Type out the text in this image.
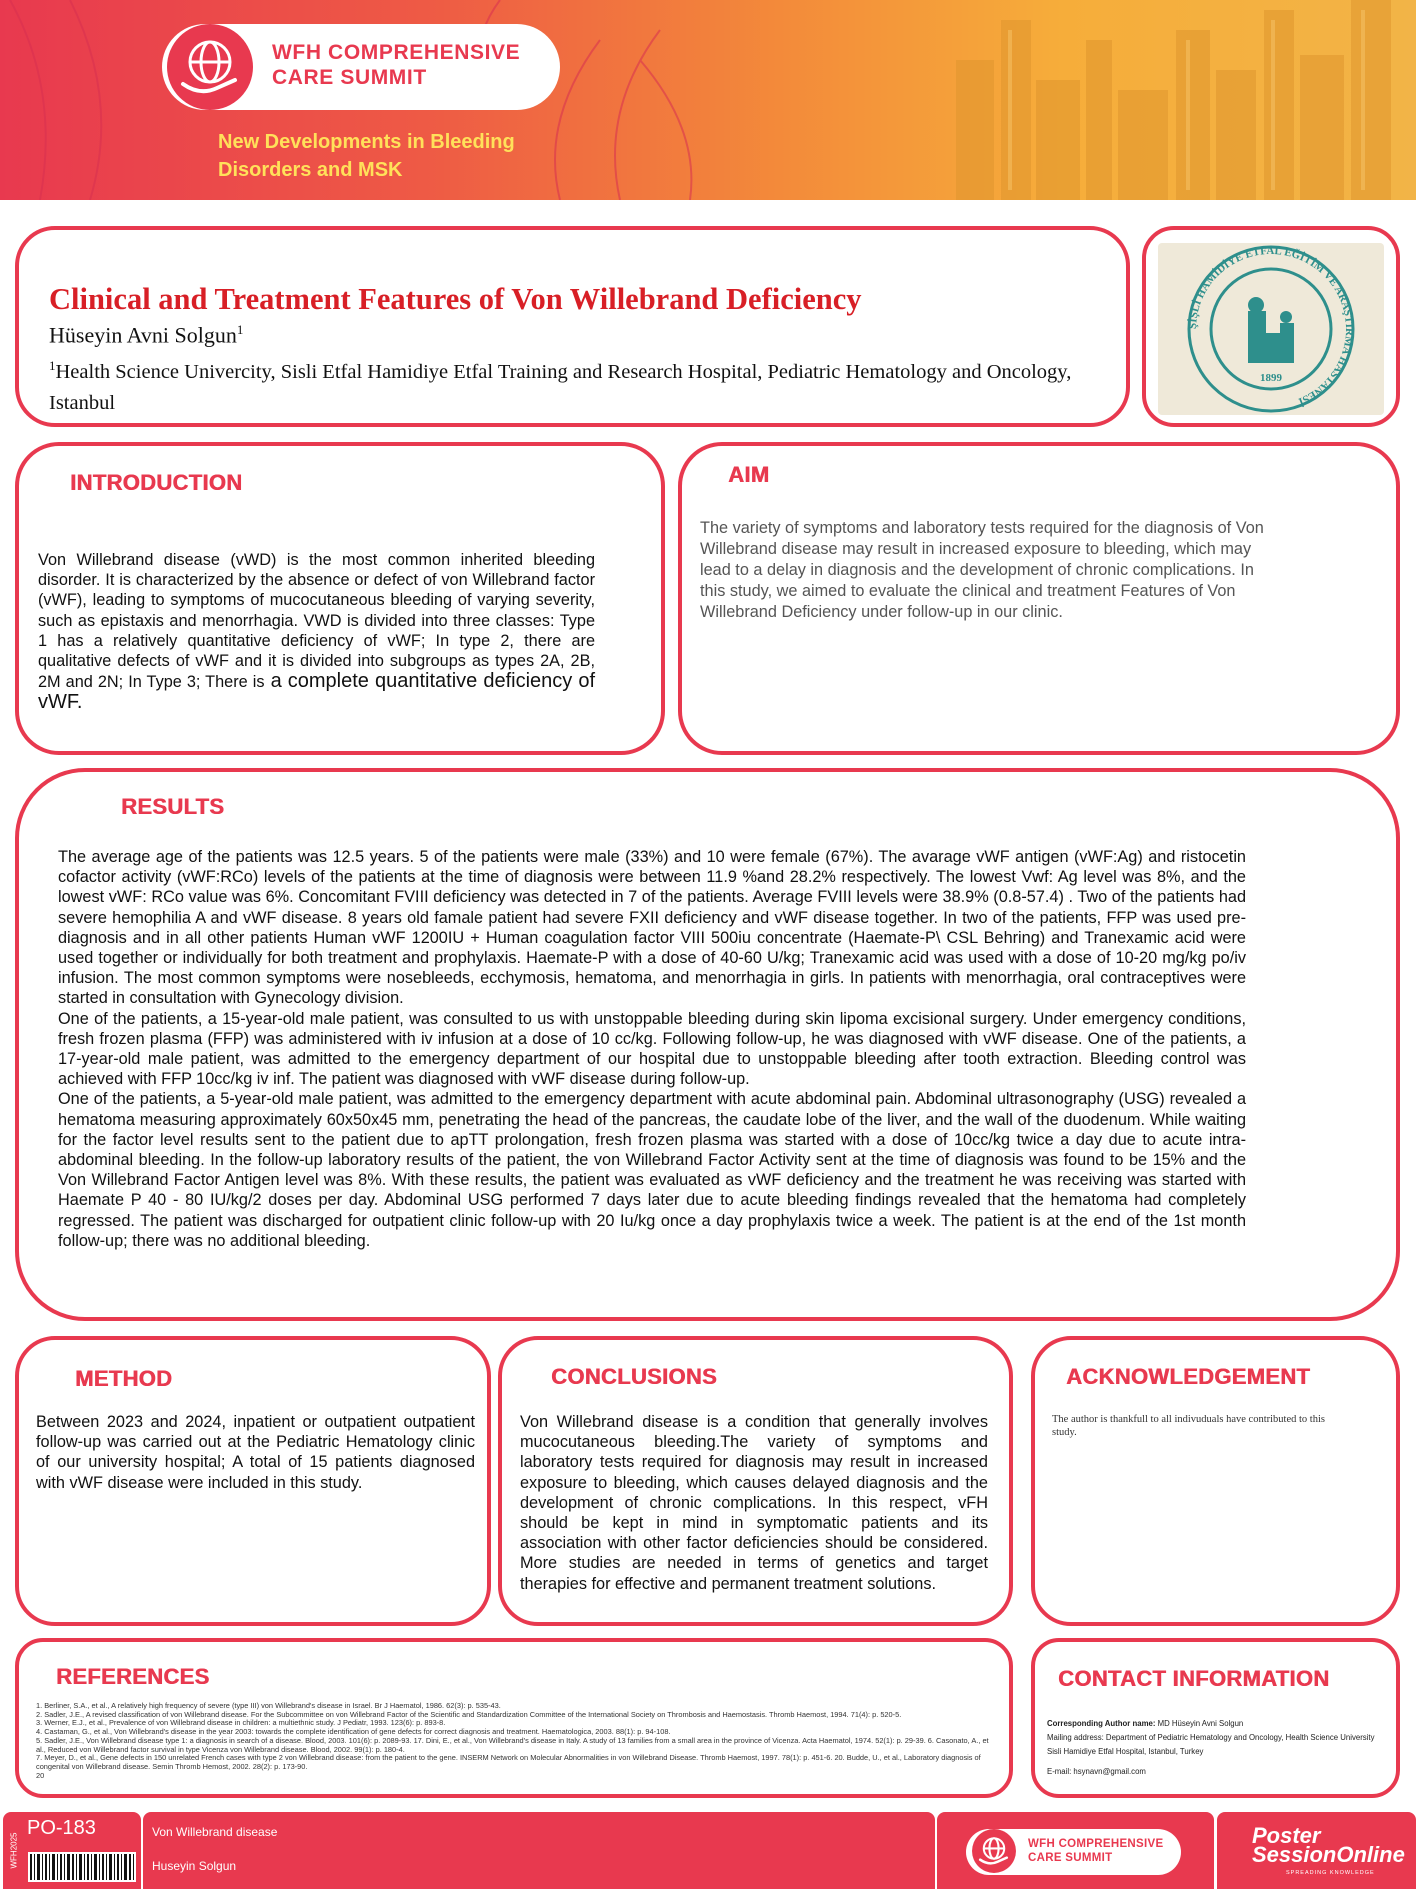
WFH COMPREHENSIVE
CARE SUMMIT
New Developments in Bleeding
Disorders and MSK
Clinical and Treatment Features of Von Willebrand Deficiency
Hüseyin Avni Solgun$^1$
$^1$Health Science Univercity, Sisli Etfal Hamidiye Etfal Training and Research Hospital, Pediatric Hematology and Oncology, Istanbul
ŞİŞLİ HAMİDİYE ETFAL EĞİTİM VE ARAŞTIRMA HASTANESİ
1899
INTRODUCTION
Von Willebrand disease (vWD) is the most common inherited bleeding disorder. It is characterized by the absence or defect of von Willebrand factor (vWF), leading to symptoms of mucocutaneous bleeding of varying severity, such as epistaxis and menorrhagia. VWD is divided into three classes: Type 1 has a relatively quantitative deficiency of vWF; In type 2, there are qualitative defects of vWF and it is divided into subgroups as types 2A, 2B, 2M and 2N; In Type 3; There is a complete quantitative deficiency of vWF.
AIM
The variety of symptoms and laboratory tests required for the diagnosis of Von Willebrand disease may result in increased exposure to bleeding, which may lead to a delay in diagnosis and the development of chronic complications. In this study, we aimed to evaluate the clinical and treatment Features of Von Willebrand Deficiency under follow-up in our clinic.
RESULTS

The average age of the patients was 12.5 years. 5 of the patients were male (33%) and 10 were female (67%). The avarage vWF antigen (vWF:Ag) and ristocetin cofactor activity (vWF:RCo) levels of the patients at the time of diagnosis were between 11.9 %and 28.2% respectively. The lowest Vwf: Ag level was 8%, and the lowest vWF: RCo value was 6%. Concomitant FVIII deficiency was detected in 7 of the patients. Average FVIII levels were 38.9% (0.8-57.4) . Two of the patients had severe hemophilia A and vWF disease. 8 years old famale patient had severe FXII deficiency and vWF disease together. In two of the patients, FFP was used pre-diagnosis and in all other patients Human vWF 1200IU + Human coagulation factor VIII 500iu concentrate (Haemate-P\ CSL Behring) and Tranexamic acid were used together or individually for both treatment and prophylaxis. Haemate-P with a dose of 40-60 U/kg; Tranexamic acid was used with a dose of 10-20 mg/kg po/iv infusion. The most common symptoms were nosebleeds, ecchymosis, hematoma, and menorrhagia in girls. In patients with menorrhagia, oral contraceptives were started in consultation with Gynecology division.

One of the patients, a 15-year-old male patient, was consulted to us with unstoppable bleeding during skin lipoma excisional surgery. Under emergency conditions, fresh frozen plasma (FFP) was administered with iv infusion at a dose of 10 cc/kg. Following follow-up, he was diagnosed with vWF disease. One of the patients, a 17-year-old male patient, was admitted to the emergency department of our hospital due to unstoppable bleeding after tooth extraction. Bleeding control was achieved with FFP 10cc/kg iv inf. The patient was diagnosed with vWF disease during follow-up.

One of the patients, a 5-year-old male patient, was admitted to the emergency department with acute abdominal pain. Abdominal ultrasonography (USG) revealed a hematoma measuring approximately 60x50x45 mm, penetrating the head of the pancreas, the caudate lobe of the liver, and the wall of the duodenum. While waiting for the factor level results sent to the patient due to apTT prolongation, fresh frozen plasma was started with a dose of 10cc/kg twice a day due to acute intra-abdominal bleeding. In the follow-up laboratory results of the patient, the von Willebrand Factor Activity sent at the time of diagnosis was found to be 15% and the Von Willebrand Factor Antigen level was 8%. With these results, the patient was evaluated as vWF deficiency and the treatment he was receiving was started with Haemate P 40 - 80 IU/kg/2 doses per day. Abdominal USG performed 7 days later due to acute bleeding findings revealed that the hematoma had completely regressed. The patient was discharged for outpatient clinic follow-up with 20 Iu/kg once a day prophylaxis twice a week. The patient is at the end of the 1st month follow-up; there was no additional bleeding.

METHOD
Between 2023 and 2024, inpatient or outpatient outpatient follow-up was carried out at the Pediatric Hematology clinic of our university hospital; A total of 15 patients diagnosed with vWF disease were included in this study.
CONCLUSIONS
Von Willebrand disease is a condition that generally involves mucocutaneous bleeding.The variety of symptoms and laboratory tests required for diagnosis may result in increased exposure to bleeding, which causes delayed diagnosis and the development of chronic complications. In this respect, vFH should be kept in mind in symptomatic patients and its association with other factor deficiencies should be considered. More studies are needed in terms of genetics and target therapies for effective and permanent treatment solutions.
ACKNOWLEDGEMENT
The author is thankfull to all indivuduals have contributed to this study.
REFERENCES
1. Berliner, S.A., et al., A relatively high frequency of severe (type III) von Willebrand's disease in Israel. Br J Haematol, 1986. 62(3): p. 535-43.
2. Sadler, J.E., A revised classification of von Willebrand disease. For the Subcommittee on von Willebrand Factor of the Scientific and Standardization Committee of the International Society on Thrombosis and Haemostasis. Thromb Haemost, 1994. 71(4): p. 520-5.
3. Werner, E.J., et al., Prevalence of von Willebrand disease in children: a multiethnic study. J Pediatr, 1993. 123(6): p. 893-8.
4. Castaman, G., et al., Von Willebrand's disease in the year 2003: towards the complete identification of gene defects for correct diagnosis and treatment. Haematologica, 2003. 88(1): p. 94-108.
5. Sadler, J.E., Von Willebrand disease type 1: a diagnosis in search of a disease. Blood, 2003. 101(6): p. 2089-93. 17. Dini, E., et al., Von Willebrand's disease in Italy. A study of 13 families from a small area in the province of Vicenza. Acta Haematol, 1974. 52(1): p. 29-39. 6. Casonato, A., et al., Reduced von Willebrand factor survival in type Vicenza von Willebrand disease. Blood, 2002. 99(1): p. 180-4.
7. Meyer, D., et al., Gene defects in 150 unrelated French cases with type 2 von Willebrand disease: from the patient to the gene. INSERM Network on Molecular Abnormalities in von Willebrand Disease. Thromb Haemost, 1997. 78(1): p. 451-6. 20. Budde, U., et al., Laboratory diagnosis of congenital von Willebrand disease. Semin Thromb Hemost, 2002. 28(2): p. 173-90.
20
CONTACT INFORMATION
Corresponding Author name: MD Hüseyin Avni Solgun
Mailing address: Department of Pediatric Hematology and Oncology, Health Science University Sisli Hamidiye Etfal Hospital, Istanbul, Turkey
E-mail: hsynavn@gmail.com
WFH2025
PO-183	Von Willebrand disease
Huseyin Solgun
WFH COMPREHENSIVE
CARE SUMMIT
Poster
SessionOnline
SPREADING KNOWLEDGE
